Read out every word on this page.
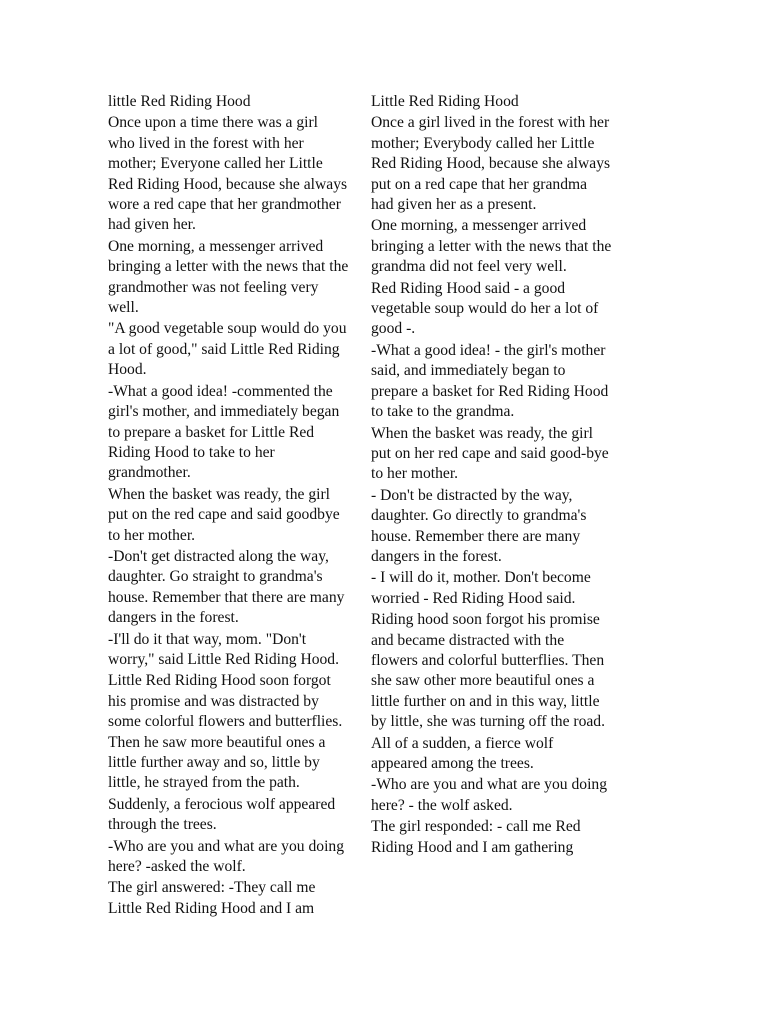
little Red Riding Hood
Once upon a time there was a girl
who lived in the forest with her
mother; Everyone called her Little
Red Riding Hood, because she always
wore a red cape that her grandmother
had given her.
One morning, a messenger arrived
bringing a letter with the news that the
grandmother was not feeling very
well.
"A good vegetable soup would do you
a lot of good," said Little Red Riding
Hood.
-What a good idea! -commented the
girl's mother, and immediately began
to prepare a basket for Little Red
Riding Hood to take to her
grandmother.
When the basket was ready, the girl
put on the red cape and said goodbye
to her mother.
-Don't get distracted along the way,
daughter. Go straight to grandma's
house. Remember that there are many
dangers in the forest.
-I'll do it that way, mom. "Don't
worry," said Little Red Riding Hood.
Little Red Riding Hood soon forgot
his promise and was distracted by
some colorful flowers and butterflies.
Then he saw more beautiful ones a
little further away and so, little by
little, he strayed from the path.
Suddenly, a ferocious wolf appeared
through the trees.
-Who are you and what are you doing
here? -asked the wolf.
The girl answered: -They call me
Little Red Riding Hood and I am
Little Red Riding Hood
Once a girl lived in the forest with her
mother; Everybody called her Little
Red Riding Hood, because she always
put on a red cape that her grandma
had given her as a present.
One morning, a messenger arrived
bringing a letter with the news that the
grandma did not feel very well.
Red Riding Hood said - a good
vegetable soup would do her a lot of
good -.
-What a good idea! - the girl's mother
said, and immediately began to
prepare a basket for Red Riding Hood
to take to the grandma.
When the basket was ready, the girl
put on her red cape and said good-bye
to her mother.
- Don't be distracted by the way,
daughter. Go directly to grandma's
house. Remember there are many
dangers in the forest.
- I will do it, mother. Don't become
worried - Red Riding Hood said.
Riding hood soon forgot his promise
and became distracted with the
flowers and colorful butterflies. Then
she saw other more beautiful ones a
little further on and in this way, little
by little, she was turning off the road.
All of a sudden, a fierce wolf
appeared among the trees.
-Who are you and what are you doing
here? - the wolf asked.
The girl responded: - call me Red
Riding Hood and I am gathering
